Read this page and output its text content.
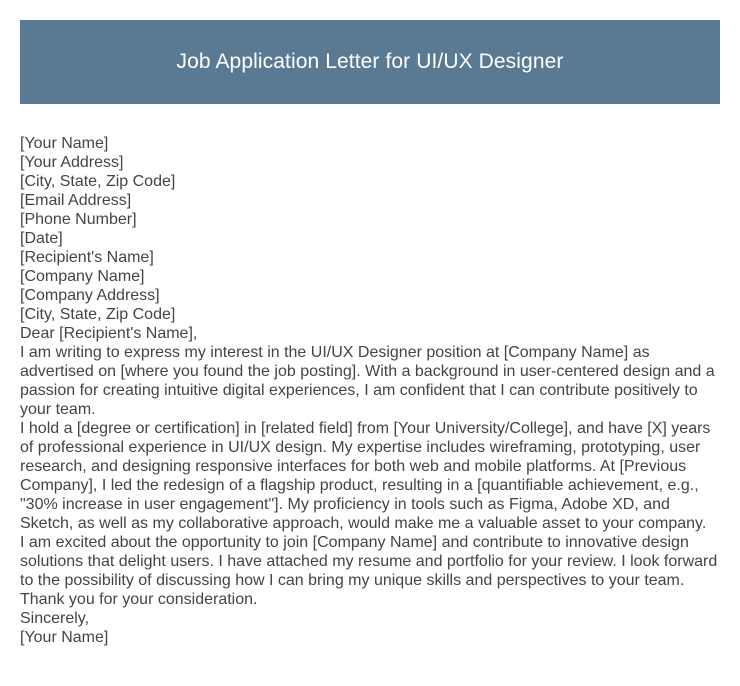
Job Application Letter for UI/UX Designer
[Your Name]
[Your Address]
[City, State, Zip Code]
[Email Address]
[Phone Number]
[Date]
[Recipient's Name]
[Company Name]
[Company Address]
[City, State, Zip Code]
Dear [Recipient's Name],

I am writing to express my interest in the UI/UX Designer position at [Company Name] as advertised on [where you found the job posting]. With a background in user-centered design and a passion for creating intuitive digital experiences, I am confident that I can contribute positively to your team.

I hold a [degree or certification] in [related field] from [Your University/College], and have [X] years of professional experience in UI/UX design. My expertise includes wireframing, prototyping, user research, and designing responsive interfaces for both web and mobile platforms. At [Previous Company], I led the redesign of a flagship product, resulting in a [quantifiable achievement, e.g., "30% increase in user engagement"]. My proficiency in tools such as Figma, Adobe XD, and Sketch, as well as my collaborative approach, would make me a valuable asset to your company.

I am excited about the opportunity to join [Company Name] and contribute to innovative design solutions that delight users. I have attached my resume and portfolio for your review. I look forward to the possibility of discussing how I can bring my unique skills and perspectives to your team.

Thank you for your consideration.

Sincerely,
[Your Name]
